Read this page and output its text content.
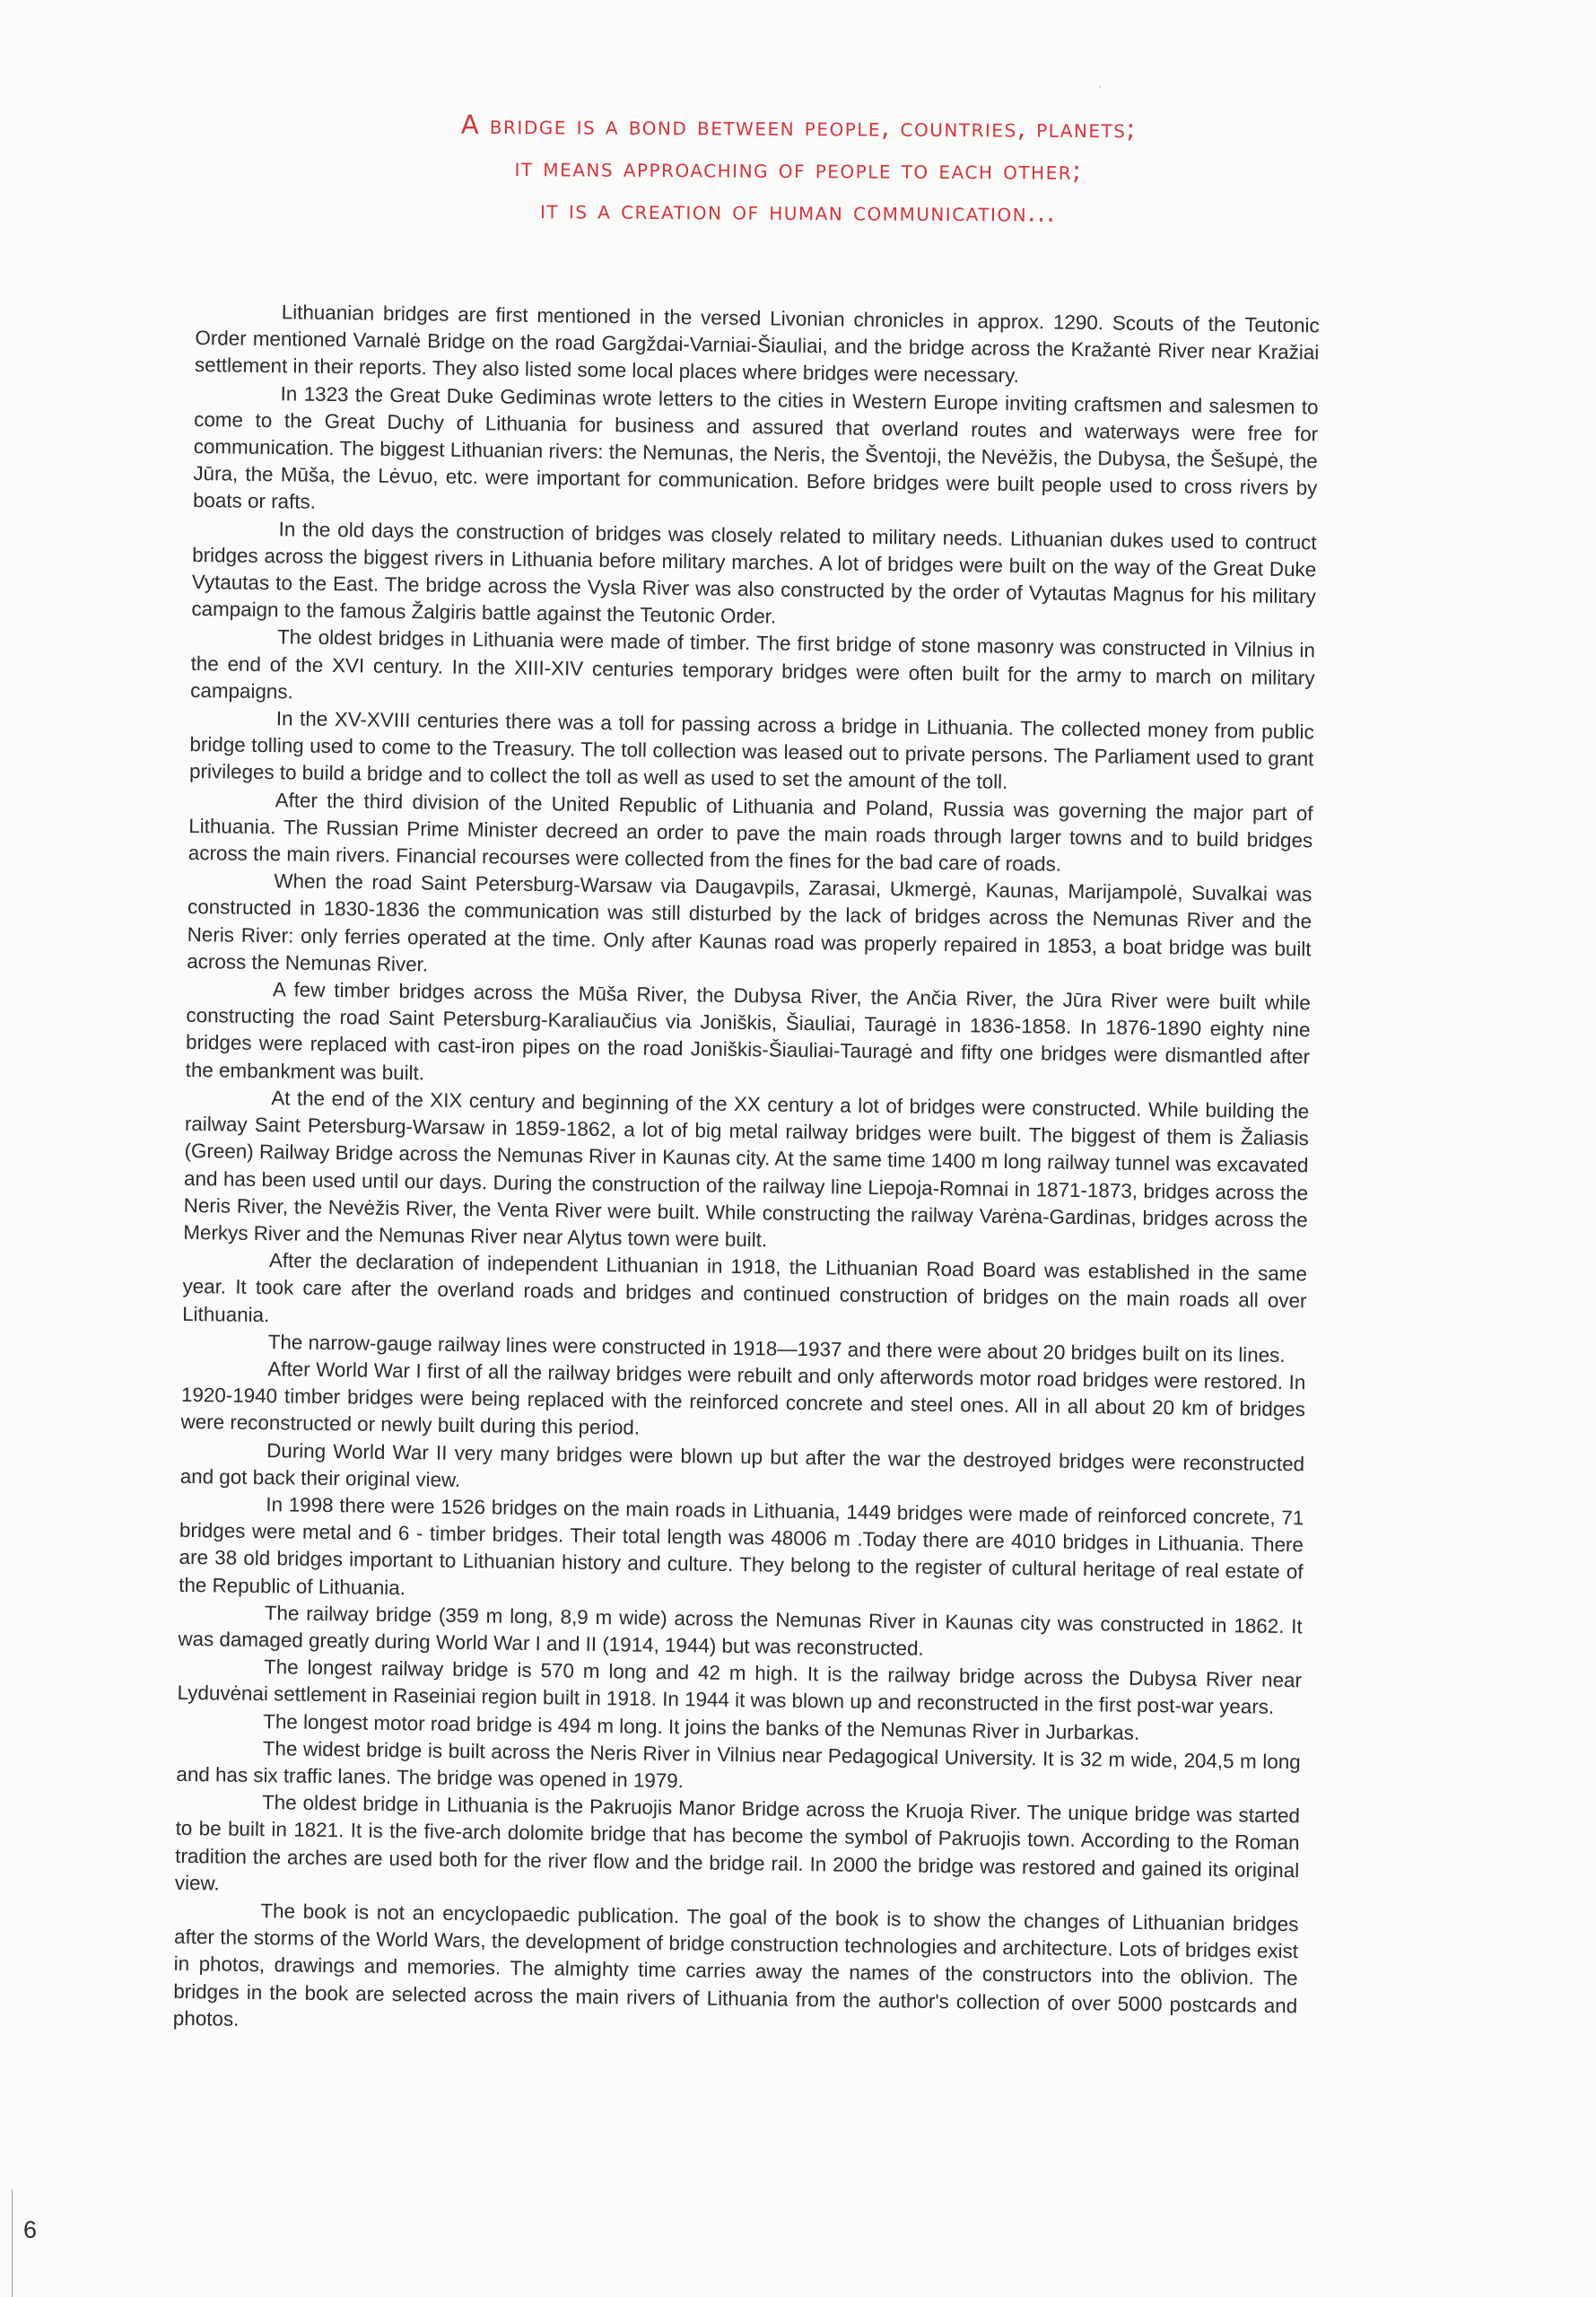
A bridge is a bond between people, countries, planets;
it means approaching of people to each other;
it is a creation of human communication...

Lithuanian bridges are first mentioned in the versed Livonian chronicles in approx. 1290. Scouts of the Teutonic Order mentioned Varnalė Bridge on the road Gargždai-Varniai-Šiauliai, and the bridge across the Kražantė River near Kražiai settlement in their reports. They also listed some local places where bridges were necessary.

In 1323 the Great Duke Gediminas wrote letters to the cities in Western Europe inviting craftsmen and salesmen to come to the Great Duchy of Lithuania for business and assured that overland routes and waterways were free for communication. The biggest Lithuanian rivers: the Nemunas, the Neris, the Šventoji, the Nevėžis, the Dubysa, the Šešupė, the Jūra, the Mūša, the Lėvuo, etc. were important for communication. Before bridges were built people used to cross rivers by boats or rafts.

In the old days the construction of bridges was closely related to military needs. Lithuanian dukes used to contruct bridges across the biggest rivers in Lithuania before military marches. A lot of bridges were built on the way of the Great Duke Vytautas to the East. The bridge across the Vysla River was also constructed by the order of Vytautas Magnus for his military campaign to the famous Žalgiris battle against the Teutonic Order.

The oldest bridges in Lithuania were made of timber. The first bridge of stone masonry was constructed in Vilnius in the end of the XVI century. In the XIII-XIV centuries temporary bridges were often built for the army to march on military campaigns.

In the XV-XVIII centuries there was a toll for passing across a bridge in Lithuania. The collected money from public bridge tolling used to come to the Treasury. The toll collection was leased out to private persons. The Parliament used to grant privileges to build a bridge and to collect the toll as well as used to set the amount of the toll.

After the third division of the United Republic of Lithuania and Poland, Russia was governing the major part of Lithuania. The Russian Prime Minister decreed an order to pave the main roads through larger towns and to build bridges across the main rivers. Financial recourses were collected from the fines for the bad care of roads.

When the road Saint Petersburg-Warsaw via Daugavpils, Zarasai, Ukmergė, Kaunas, Marijampolė, Suvalkai was constructed in 1830-1836 the communication was still disturbed by the lack of bridges across the Nemunas River and the Neris River: only ferries operated at the time. Only after Kaunas road was properly repaired in 1853, a boat bridge was built across the Nemunas River.

A few timber bridges across the Mūša River, the Dubysa River, the Ančia River, the Jūra River were built while constructing the road Saint Petersburg-Karaliaučius via Joniškis, Šiauliai, Tauragė in 1836-1858. In 1876-1890 eighty nine bridges were replaced with cast-iron pipes on the road Joniškis-Šiauliai-Tauragė and fifty one bridges were dismantled after the embankment was built.

At the end of the XIX century and beginning of the XX century a lot of bridges were constructed. While building the railway Saint Petersburg-Warsaw in 1859-1862, a lot of big metal railway bridges were built. The biggest of them is Žaliasis (Green) Railway Bridge across the Nemunas River in Kaunas city. At the same time 1400 m long railway tunnel was excavated and has been used until our days. During the construction of the railway line Liepoja-Romnai in 1871-1873, bridges across the Neris River, the Nevėžis River, the Venta River were built. While constructing the railway Varėna-Gardinas, bridges across the Merkys River and the Nemunas River near Alytus town were built.

After the declaration of independent Lithuanian in 1918, the Lithuanian Road Board was established in the same year. It took care after the overland roads and bridges and continued construction of bridges on the main roads all over Lithuania.

The narrow-gauge railway lines were constructed in 1918—1937 and there were about 20 bridges built on its lines.

After World War I first of all the railway bridges were rebuilt and only afterwords motor road bridges were restored. In 1920-1940 timber bridges were being replaced with the reinforced concrete and steel ones. All in all about 20 km of bridges were reconstructed or newly built during this period.

During World War II very many bridges were blown up but after the war the destroyed bridges were reconstructed and got back their original view.

In 1998 there were 1526 bridges on the main roads in Lithuania, 1449 bridges were made of reinforced concrete, 71 bridges were metal and 6 - timber bridges. Their total length was 48006 m .Today there are 4010 bridges in Lithuania. There are 38 old bridges important to Lithuanian history and culture. They belong to the register of cultural heritage of real estate of the Republic of Lithuania.

The railway bridge (359 m long, 8,9 m wide) across the Nemunas River in Kaunas city was constructed in 1862. It was damaged greatly during World War I and II (1914, 1944) but was reconstructed.

The longest railway bridge is 570 m long and 42 m high. It is the railway bridge across the Dubysa River near Lyduvėnai settlement in Raseiniai region built in 1918. In 1944 it was blown up and reconstructed in the first post-war years.

The longest motor road bridge is 494 m long. It joins the banks of the Nemunas River in Jurbarkas.

The widest bridge is built across the Neris River in Vilnius near Pedagogical University. It is 32 m wide, 204,5 m long and has six traffic lanes. The bridge was opened in 1979.

The oldest bridge in Lithuania is the Pakruojis Manor Bridge across the Kruoja River. The unique bridge was started to be built in 1821. It is the five-arch dolomite bridge that has become the symbol of Pakruojis town. According to the Roman tradition the arches are used both for the river flow and the bridge rail. In 2000 the bridge was restored and gained its original view.

The book is not an encyclopaedic publication. The goal of the book is to show the changes of Lithuanian bridges after the storms of the World Wars, the development of bridge construction technologies and architecture. Lots of bridges exist in photos, drawings and memories. The almighty time carries away the names of the constructors into the oblivion. The bridges in the book are selected across the main rivers of Lithuania from the author's collection of over 5000 postcards and photos.

6
